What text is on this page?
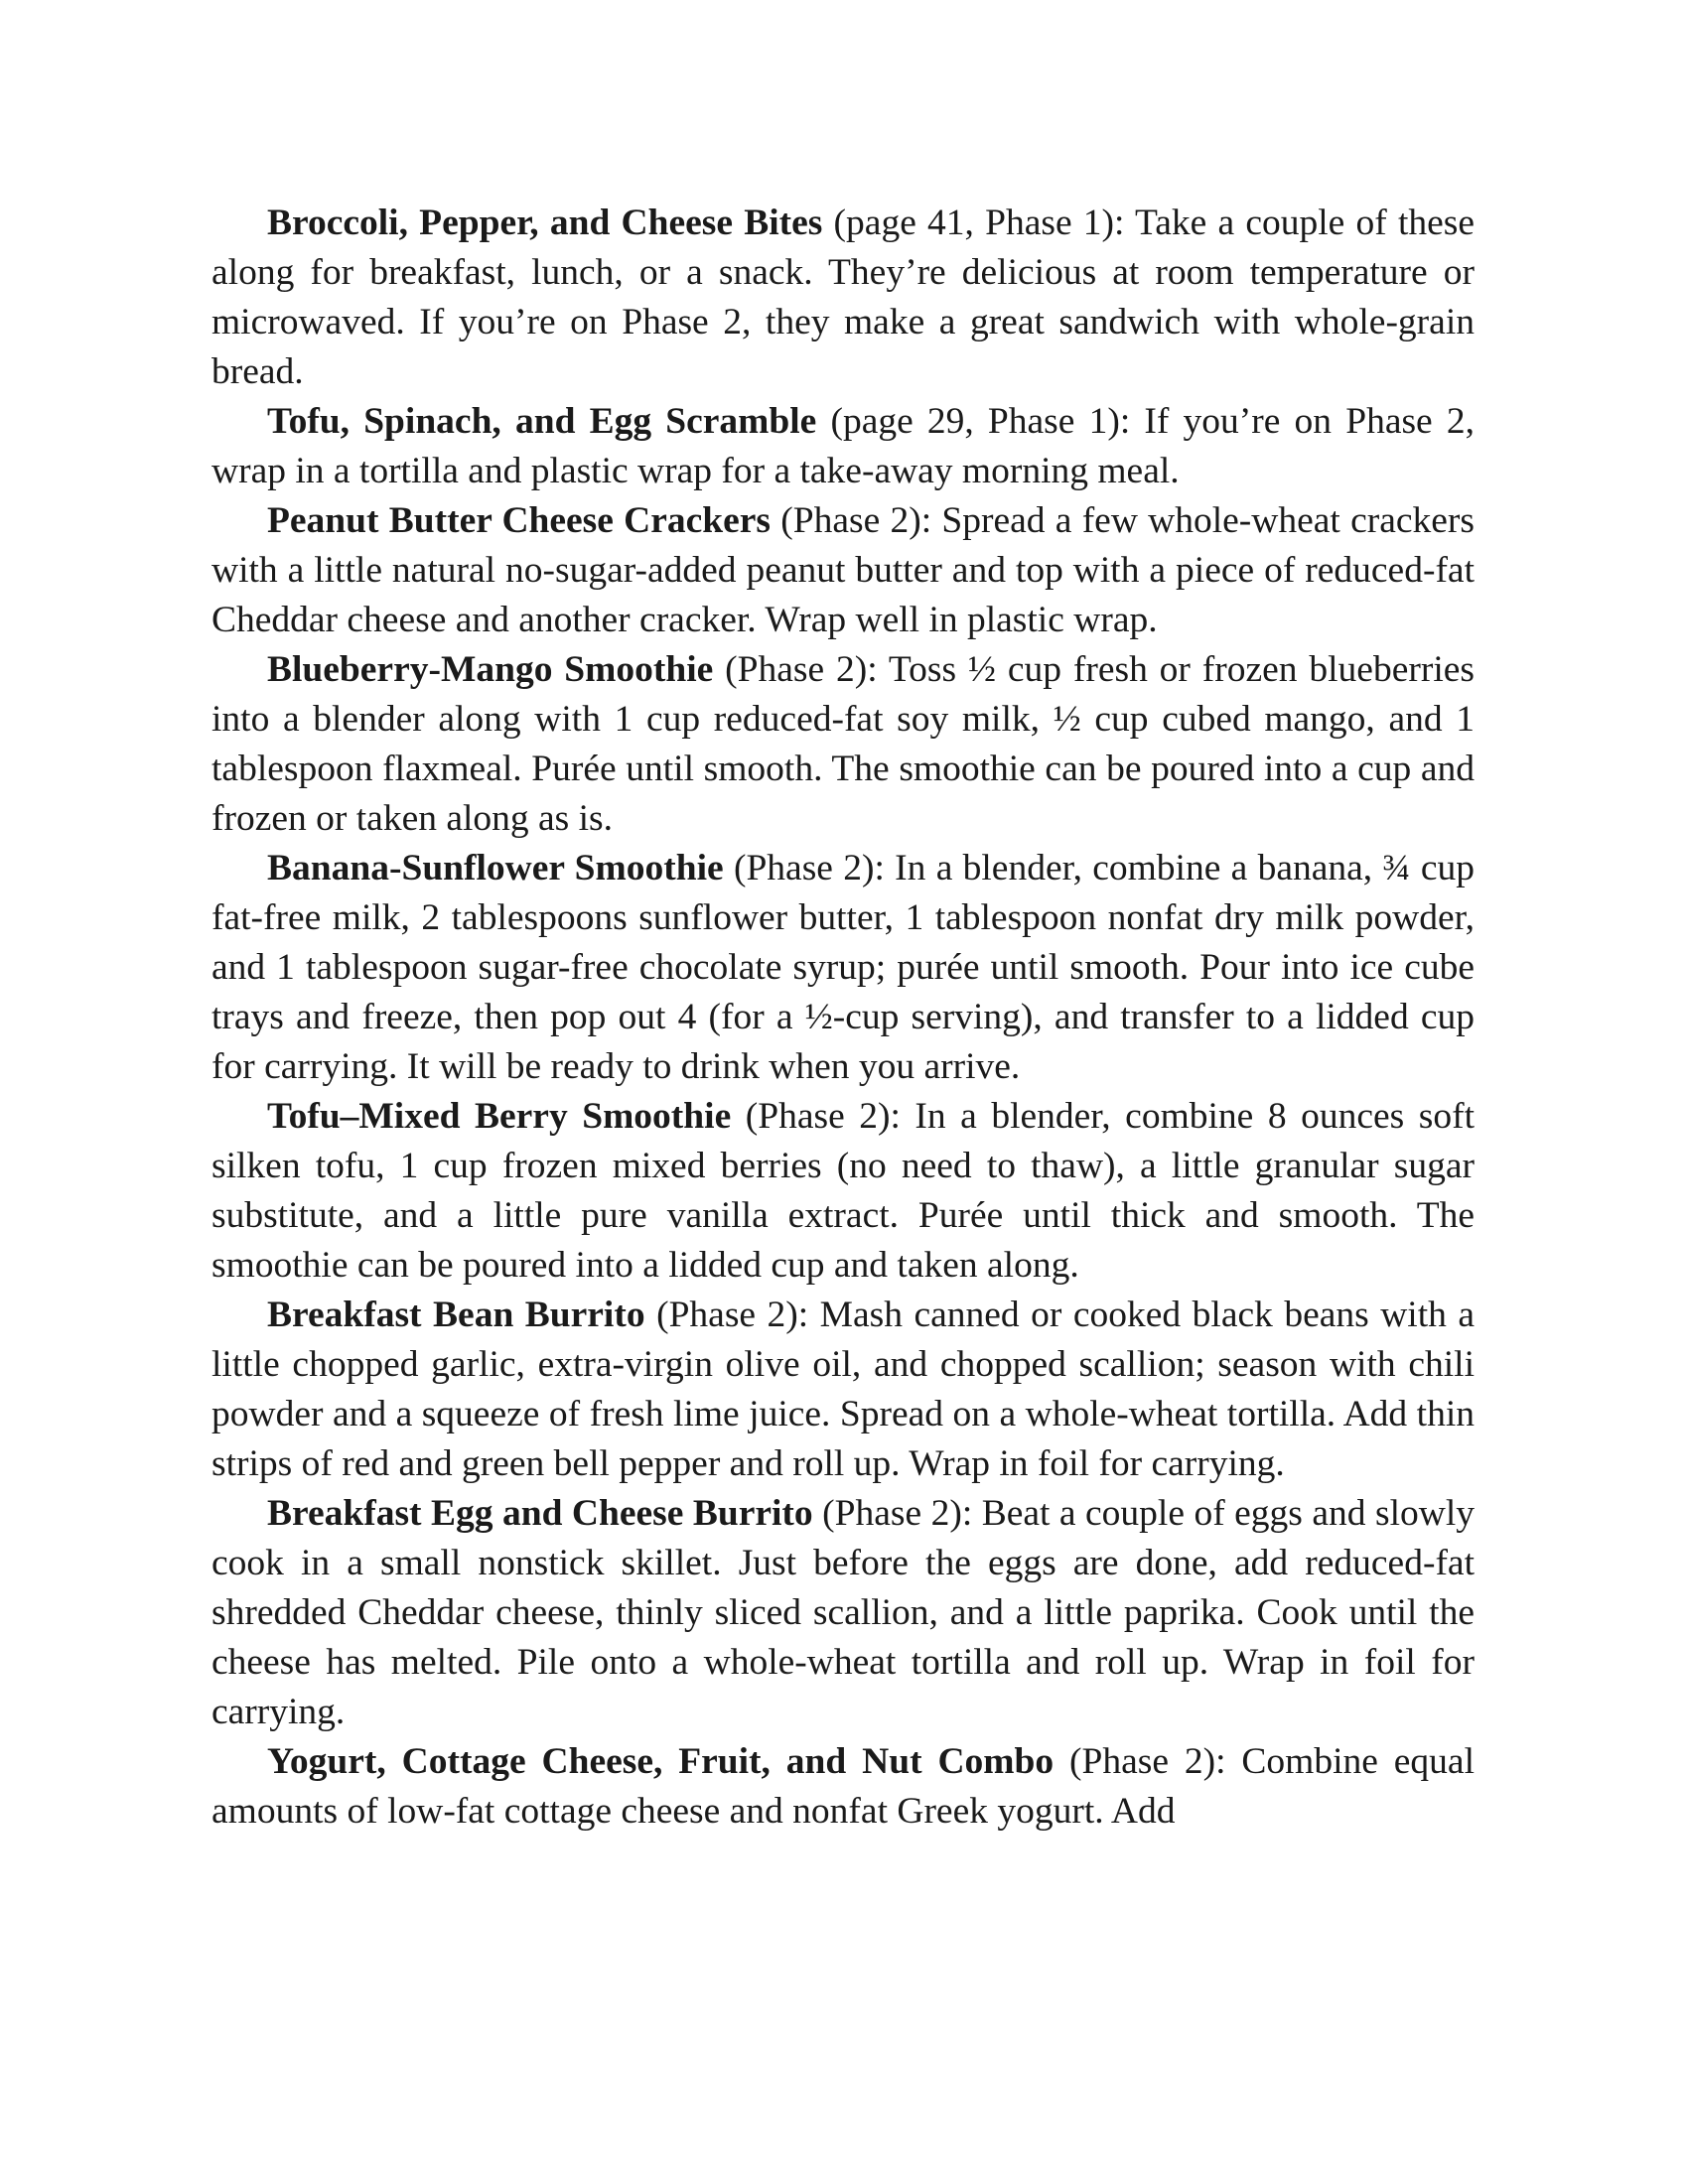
Broccoli, Pepper, and Cheese Bites (page 41, Phase 1): Take a couple of these along for breakfast, lunch, or a snack. They’re delicious at room temperature or microwaved. If you’re on Phase 2, they make a great sandwich with whole-grain bread.

Tofu, Spinach, and Egg Scramble (page 29, Phase 1): If you’re on Phase 2, wrap in a tortilla and plastic wrap for a take-away morning meal.

Peanut Butter Cheese Crackers (Phase 2): Spread a few whole-wheat crackers with a little natural no-sugar-added peanut butter and top with a piece of reduced-fat Cheddar cheese and another cracker. Wrap well in plastic wrap.

Blueberry-Mango Smoothie (Phase 2): Toss ½ cup fresh or frozen blueberries into a blender along with 1 cup reduced-fat soy milk, ½ cup cubed mango, and 1 tablespoon flaxmeal. Purée until smooth. The smoothie can be poured into a cup and frozen or taken along as is.

Banana-Sunflower Smoothie (Phase 2): In a blender, combine a banana, ¾ cup fat-free milk, 2 tablespoons sunflower butter, 1 tablespoon nonfat dry milk powder, and 1 tablespoon sugar-free chocolate syrup; purée until smooth. Pour into ice cube trays and freeze, then pop out 4 (for a ½-cup serving), and transfer to a lidded cup for carrying. It will be ready to drink when you arrive.

Tofu–Mixed Berry Smoothie (Phase 2): In a blender, combine 8 ounces soft silken tofu, 1 cup frozen mixed berries (no need to thaw), a little granular sugar substitute, and a little pure vanilla extract. Purée until thick and smooth. The smoothie can be poured into a lidded cup and taken along.

Breakfast Bean Burrito (Phase 2): Mash canned or cooked black beans with a little chopped garlic, extra-virgin olive oil, and chopped scallion; season with chili powder and a squeeze of fresh lime juice. Spread on a whole-wheat tortilla. Add thin strips of red and green bell pepper and roll up. Wrap in foil for carrying.

Breakfast Egg and Cheese Burrito (Phase 2): Beat a couple of eggs and slowly cook in a small nonstick skillet. Just before the eggs are done, add reduced-fat shredded Cheddar cheese, thinly sliced scallion, and a little paprika. Cook until the cheese has melted. Pile onto a whole-wheat tortilla and roll up. Wrap in foil for carrying.

Yogurt, Cottage Cheese, Fruit, and Nut Combo (Phase 2): Combine equal amounts of low-fat cottage cheese and nonfat Greek yogurt. Add
